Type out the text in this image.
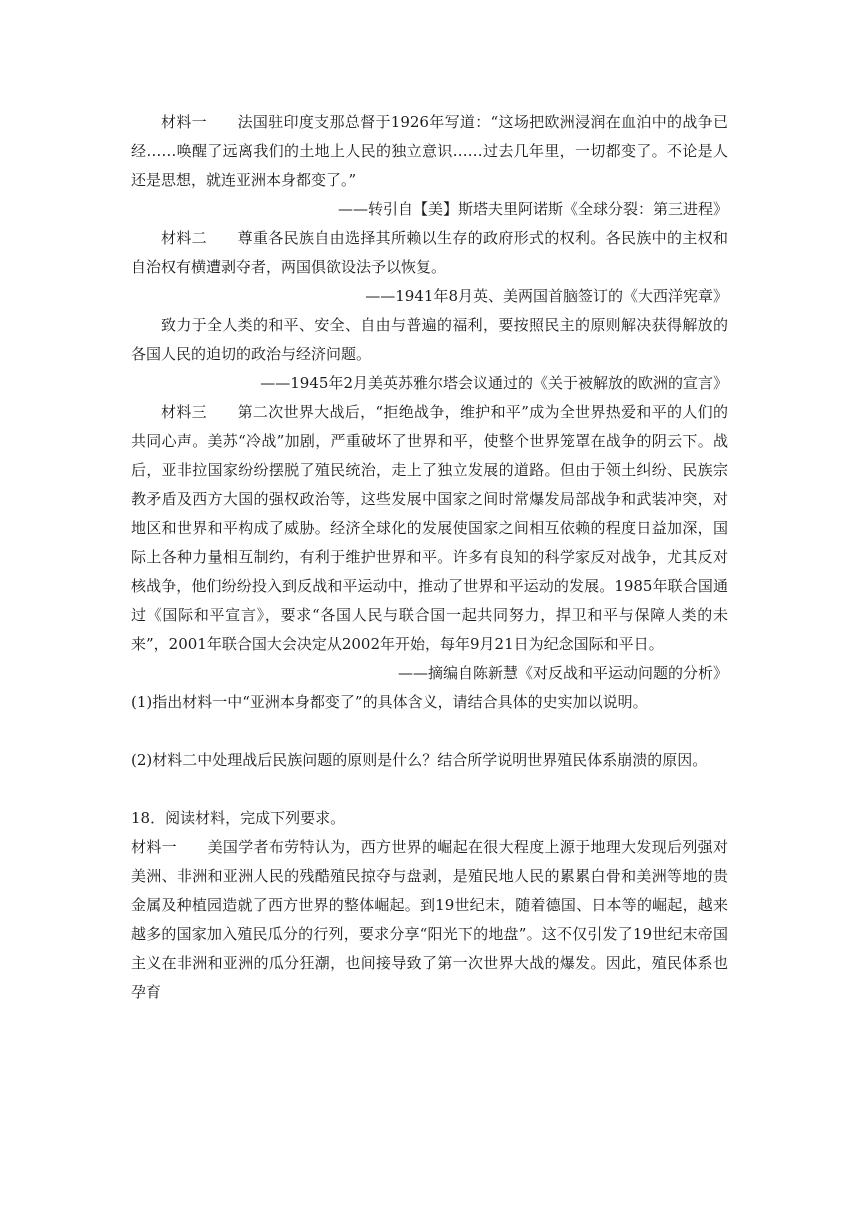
材料一　　法国驻印度支那总督于1926年写道：“这场把欧洲浸润在血泊中的战争已经……唤醒了远离我们的土地上人民的独立意识……过去几年里，一切都变了。不论是人还是思想，就连亚洲本身都变了。”

——转引自【美】斯塔夫里阿诺斯《全球分裂：第三进程》

材料二　　尊重各民族自由选择其所赖以生存的政府形式的权利。各民族中的主权和自治权有横遭剥夺者，两国俱欲设法予以恢复。

——1941年8月英、美两国首脑签订的《大西洋宪章》

致力于全人类的和平、安全、自由与普遍的福利，要按照民主的原则解决获得解放的各国人民的迫切的政治与经济问题。

——1945年2月美英苏雅尔塔会议通过的《关于被解放的欧洲的宣言》

材料三　　第二次世界大战后，“拒绝战争，维护和平”成为全世界热爱和平的人们的共同心声。美苏“冷战”加剧，严重破坏了世界和平，使整个世界笼罩在战争的阴云下。战后，亚非拉国家纷纷摆脱了殖民统治，走上了独立发展的道路。但由于领土纠纷、民族宗教矛盾及西方大国的强权政治等，这些发展中国家之间时常爆发局部战争和武装冲突，对地区和世界和平构成了威胁。经济全球化的发展使国家之间相互依赖的程度日益加深，国际上各种力量相互制约，有利于维护世界和平。许多有良知的科学家反对战争，尤其反对核战争，他们纷纷投入到反战和平运动中，推动了世界和平运动的发展。1985年联合国通过《国际和平宣言》，要求“各国人民与联合国一起共同努力，捍卫和平与保障人类的未来”，2001年联合国大会决定从2002年开始，每年9月21日为纪念国际和平日。

——摘编自陈新慧《对反战和平运动问题的分析》

(1)指出材料一中“亚洲本身都变了”的具体含义，请结合具体的史实加以说明。

(2)材料二中处理战后民族问题的原则是什么？结合所学说明世界殖民体系崩溃的原因。

18．阅读材料，完成下列要求。

材料一　　美国学者布劳特认为，西方世界的崛起在很大程度上源于地理大发现后列强对美洲、非洲和亚洲人民的残酷殖民掠夺与盘剥，是殖民地人民的累累白骨和美洲等地的贵金属及种植园造就了西方世界的整体崛起。到19世纪末，随着德国、日本等的崛起，越来越多的国家加入殖民瓜分的行列，要求分享“阳光下的地盘”。这不仅引发了19世纪末帝国主义在非洲和亚洲的瓜分狂潮，也间接导致了第一次世界大战的爆发。因此，殖民体系也孕育
